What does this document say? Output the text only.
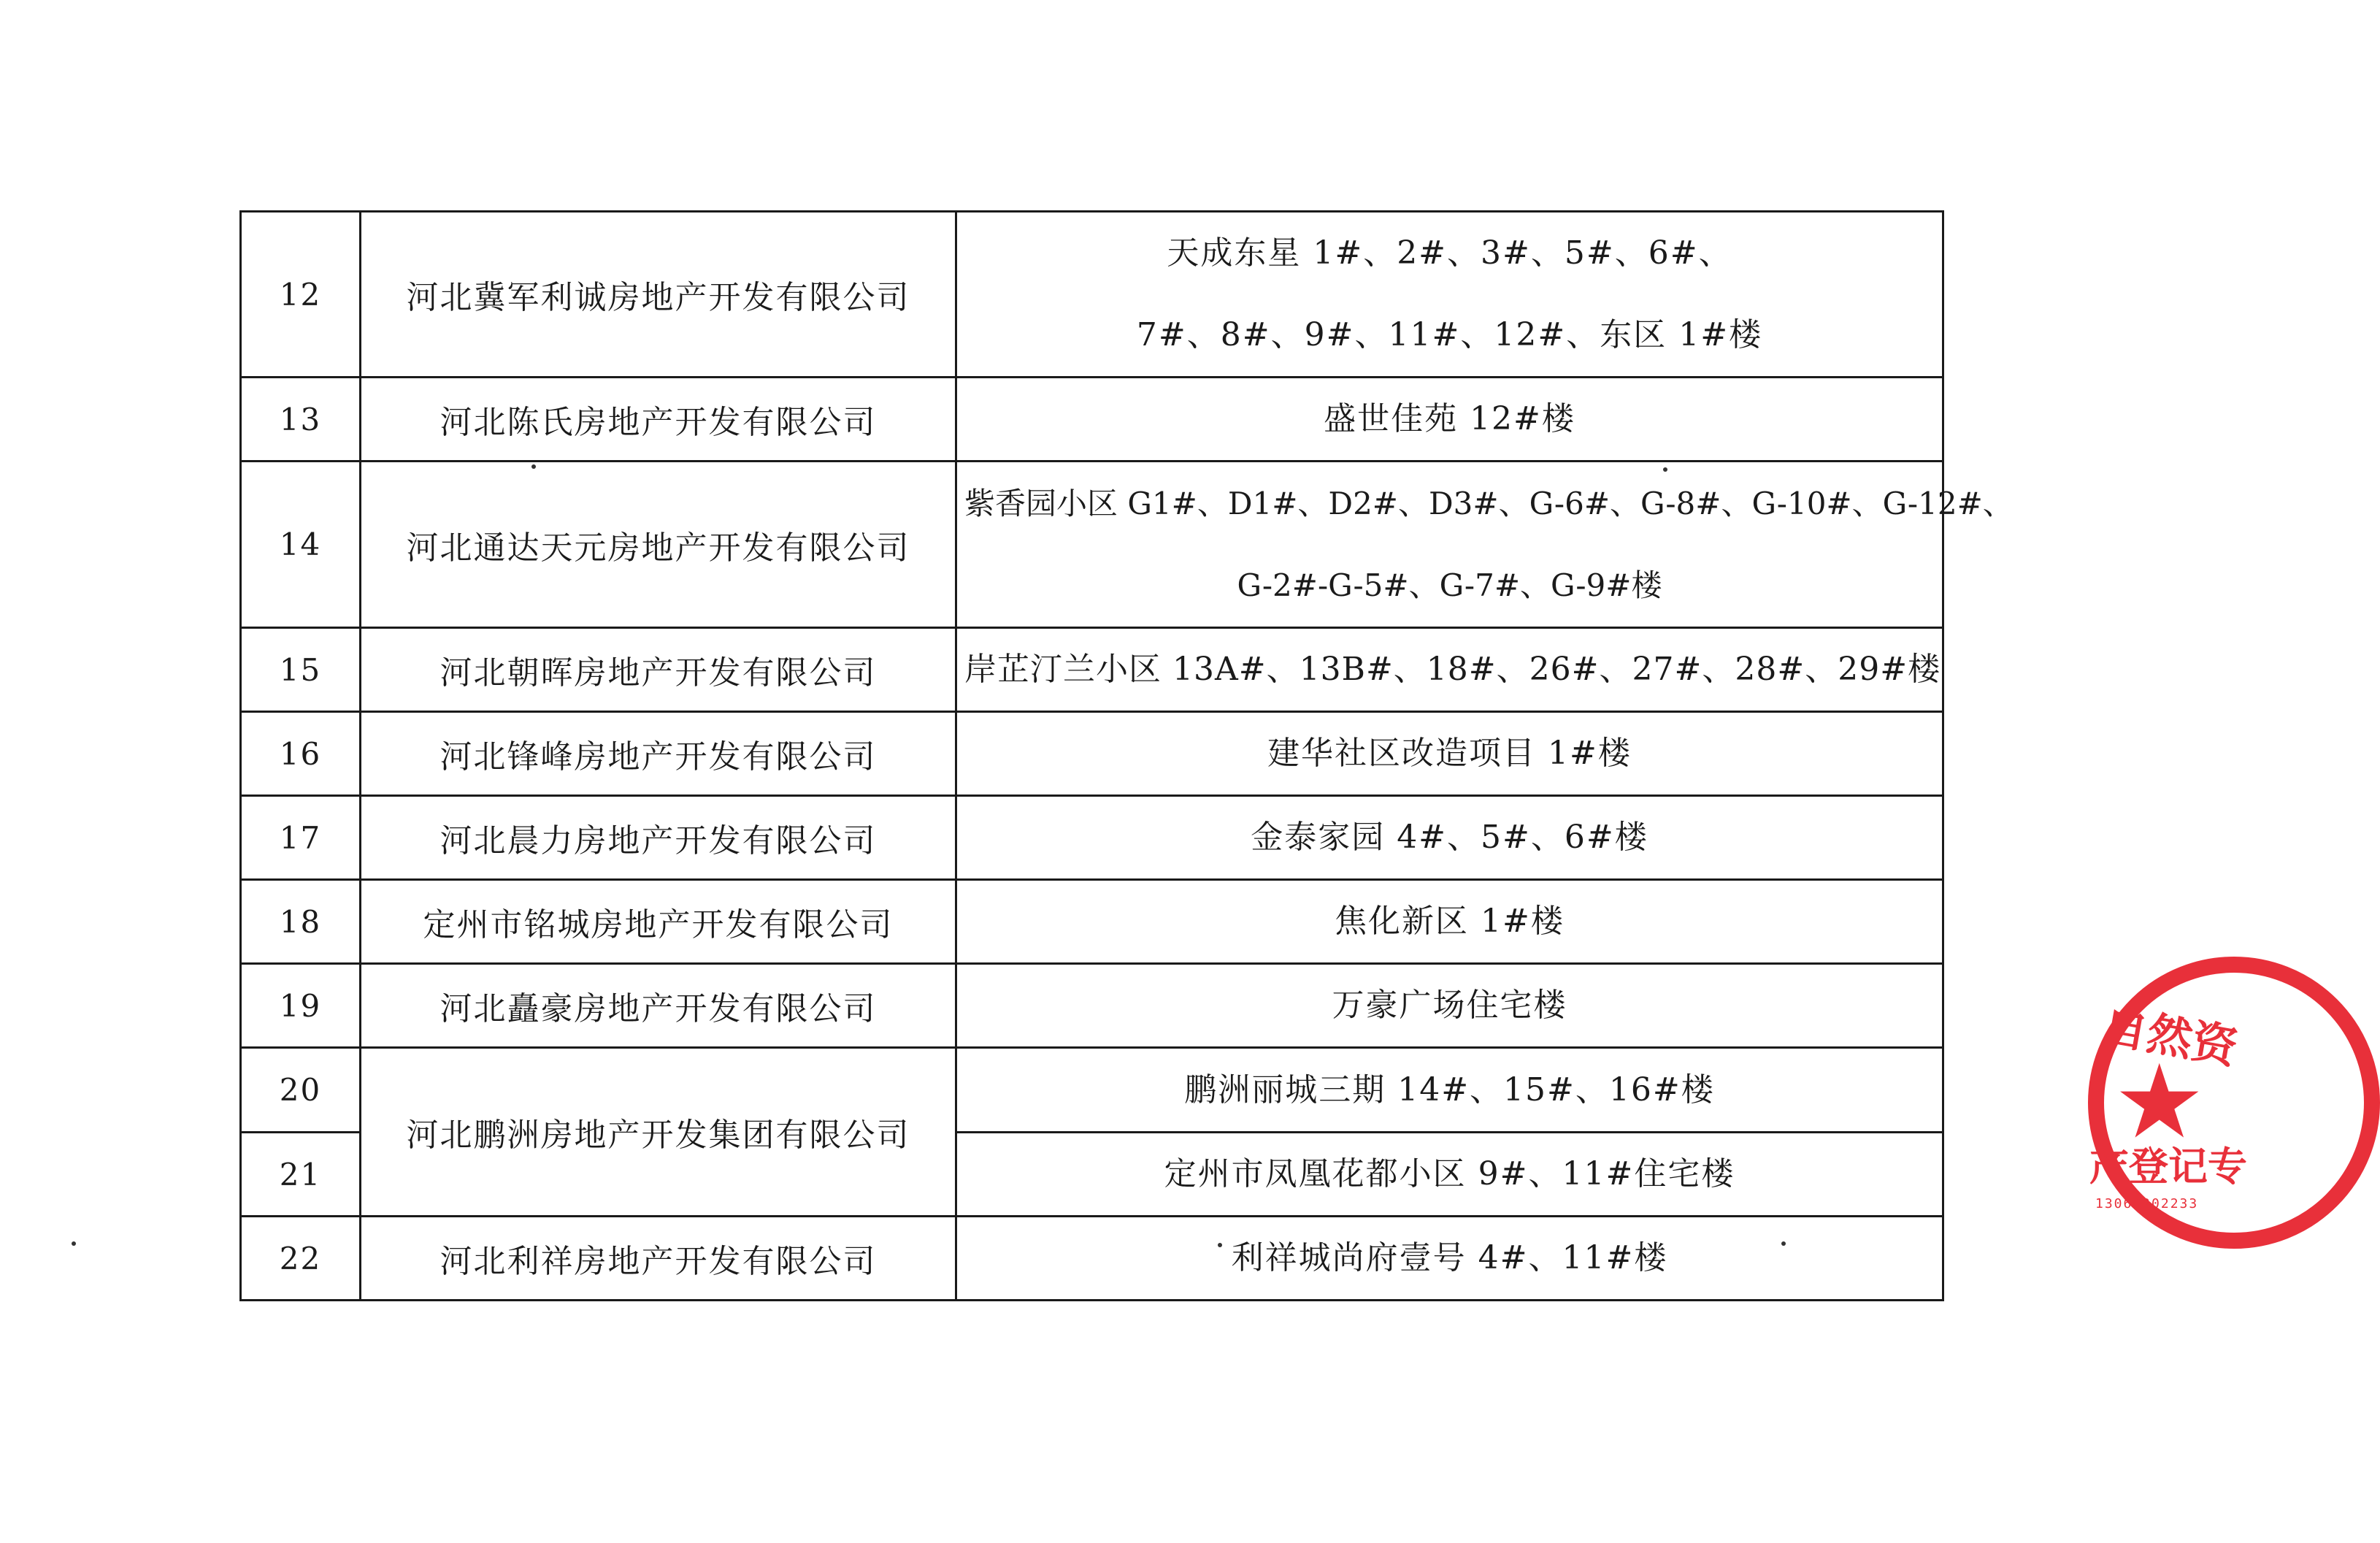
12	河北冀军利诚房地产开发有限公司	天成东星 1#、2#、3#、5#、6#、
7#、8#、9#、11#、12#、东区 1#楼

13	河北陈氏房地产开发有限公司	盛世佳苑 12#楼

14	河北通达天元房地产开发有限公司	紫香园小区 G1#、D1#、D2#、D3#、G-6#、G-8#、G-10#、G-12#、
G-2#-G-5#、G-7#、G-9#楼

15	河北朝晖房地产开发有限公司	岸芷汀兰小区 13A#、13B#、18#、26#、27#、28#、29#楼

16	河北锋峰房地产开发有限公司	建华社区改造项目 1#楼

17	河北晨力房地产开发有限公司	金泰家园 4#、5#、6#楼

18	定州市铭城房地产开发有限公司	焦化新区 1#楼

19	河北矗豪房地产开发有限公司	万豪广场住宅楼

20	河北鹏洲房地产开发集团有限公司	鹏洲丽城三期 14#、15#、16#楼

21		定州市凤凰花都小区 9#、11#住宅楼

22	河北利祥房地产开发有限公司	利祥城尚府壹号 4#、11#楼
自然资
★
产登记专
13068202233
